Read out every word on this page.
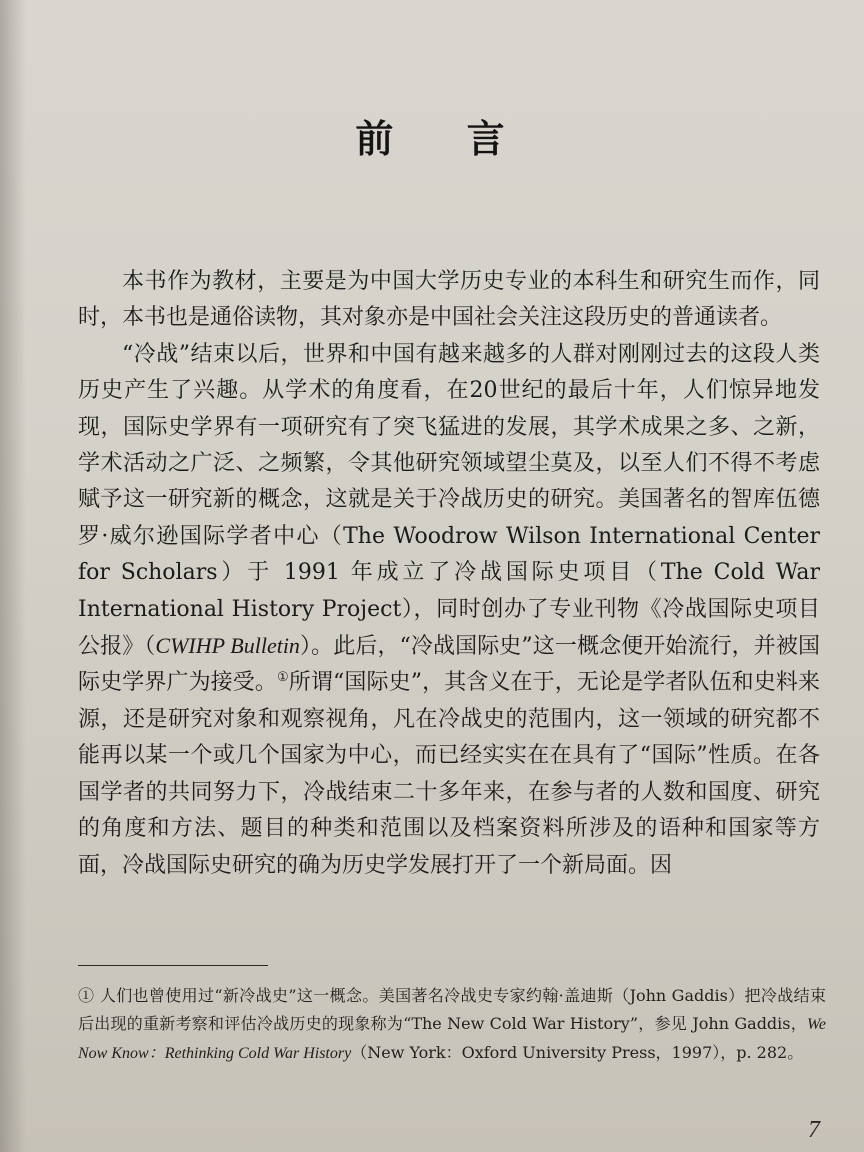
前 言

本书作为教材，主要是为中国大学历史专业的本科生和研究生而作，同时，本书也是通俗读物，其对象亦是中国社会关注这段历史的普通读者。

“冷战”结束以后，世界和中国有越来越多的人群对刚刚过去的这段人类历史产生了兴趣。从学术的角度看，在20世纪的最后十年，人们惊异地发现，国际史学界有一项研究有了突飞猛进的发展，其学术成果之多、之新，学术活动之广泛、之频繁，令其他研究领域望尘莫及，以至人们不得不考虑赋予这一研究新的概念，这就是关于冷战历史的研究。美国著名的智库伍德罗·威尔逊国际学者中心（The Woodrow Wilson International Center for Scholars）于 1991 年成立了冷战国际史项目（The Cold War International History Project），同时创办了专业刊物《冷战国际史项目公报》（CWIHP Bulletin）。此后，“冷战国际史”这一概念便开始流行，并被国际史学界广为接受。①所谓“国际史”，其含义在于，无论是学者队伍和史料来源，还是研究对象和观察视角，凡在冷战史的范围内，这一领域的研究都不能再以某一个或几个国家为中心，而已经实实在在具有了“国际”性质。在各国学者的共同努力下，冷战结束二十多年来，在参与者的人数和国度、研究的角度和方法、题目的种类和范围以及档案资料所涉及的语种和国家等方面，冷战国际史研究的确为历史学发展打开了一个新局面。因

① 人们也曾使用过“新冷战史”这一概念。美国著名冷战史专家约翰·盖迪斯（John Gaddis）把冷战结束后出现的重新考察和评估冷战历史的现象称为“The New Cold War History”，参见 John Gaddis，We Now Know：Rethinking Cold War History（New York：Oxford University Press，1997），p. 282。
7
